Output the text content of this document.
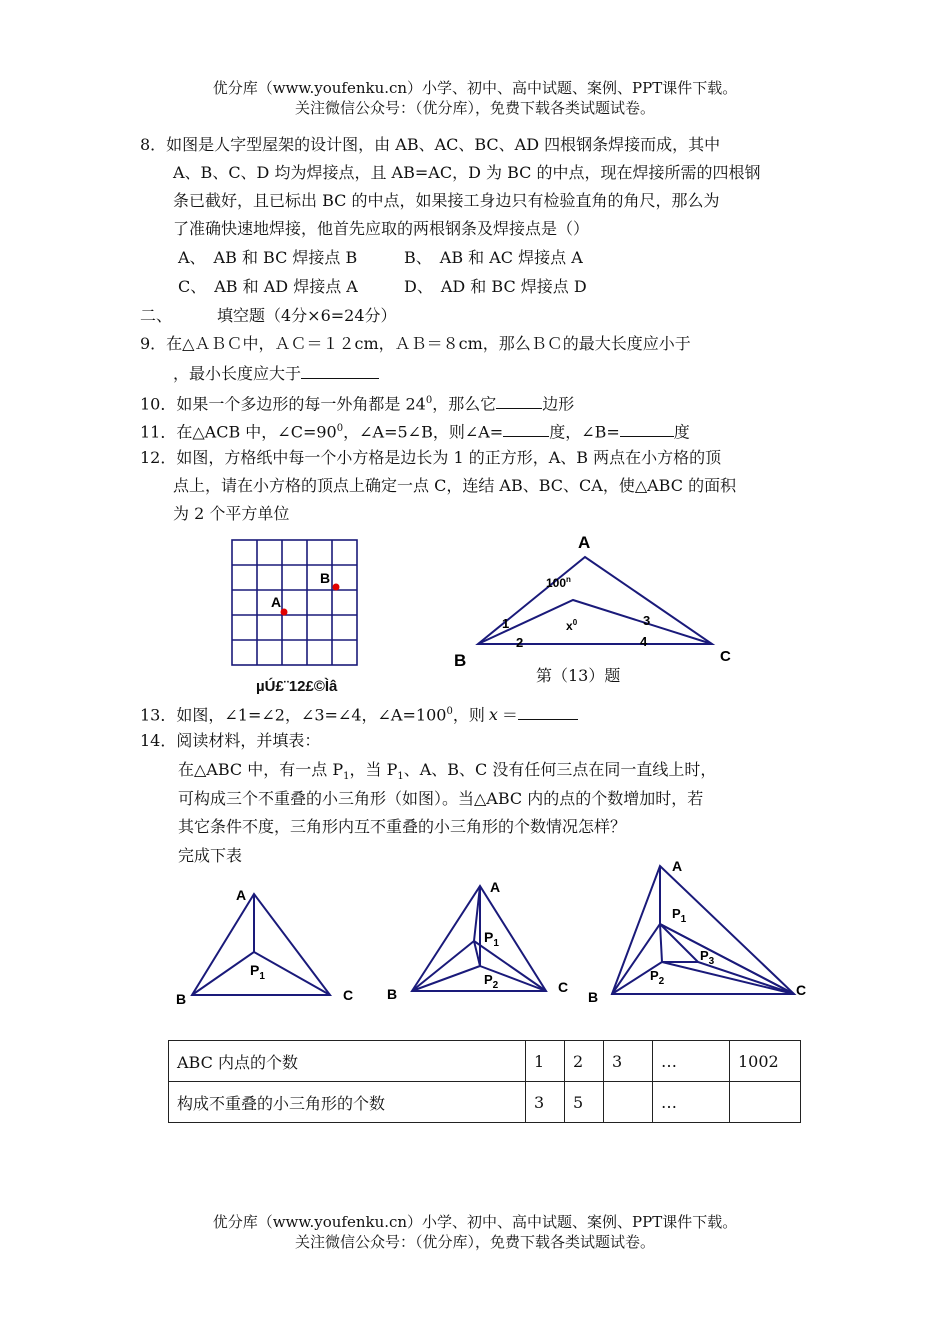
优分库（www.youfenku.cn）小学、初中、高中试题、案例、PPT课件下载。
关注微信公众号：（优分库），免费下载各类试题试卷。
8．如图是人字型屋架的设计图，由 AB、AC、BC、AD 四根钢条焊接而成，其中
A、B、C、D 均为焊接点，且 AB=AC，D 为 BC 的中点，现在焊接所需的四根钢
条已截好，且已标出 BC 的中点，如果接工身边只有检验直角的角尺，那么为
了准确快速地焊接，他首先应取的两根钢条及焊接点是（）
A、　AB 和 BC 焊接点 B	B、　AB 和 AC 焊接点 A
C、　AB 和 AD 焊接点 A	D、　AD 和 BC 焊接点 D
二、	填空题（4分×6=24分）
9．在△ＡＢＣ中，ＡＣ＝１２cm，ＡＢ＝８cm，那么ＢＣ的最大长度应小于
，最小长度应大于
10．如果一个多边形的每一外角都是 $24^0$，那么它	边形
11．在△ACB 中，$\angle C=90^0$，∠A=5∠B，则∠A=	度，∠B=	度
12．如图，方格纸中每一个小方格是边长为 1 的正方形，A、B 两点在小方格的顶
点上，请在小方格的顶点上确定一点 C，连结 AB、BC、CA，使△ABC 的面积
为 2 个平方单位
A
B
µÚ£¨12£©Ìâ
A
B	C
100$^n$
$x^0$
1
2
3
4
第（13）题
13．如图，∠1=∠2，∠3=∠4，$\angle A=100^0$，则 x ＝
14．阅读材料，并填表：
在△ABC 中，有一点 $P_1$，当 $P_1$、A、B、C 没有任何三点在同一直线上时，
可构成三个不重叠的小三角形（如图）。当△ABC 内的点的个数增加时，若
其它条件不度，三角形内互不重叠的小三角形的个数情况怎样？
完成下表
A
B	C
$P_1$
A
B	C
$P_1$
$P_2$
A
B	C
$P_1$
$P_2$
$P_3$
ABC 内点的个数	1	2	3	…	1002
构成不重叠的小三角形的个数	3	5		…	
优分库（www.youfenku.cn）小学、初中、高中试题、案例、PPT课件下载。
关注微信公众号：（优分库），免费下载各类试题试卷。
